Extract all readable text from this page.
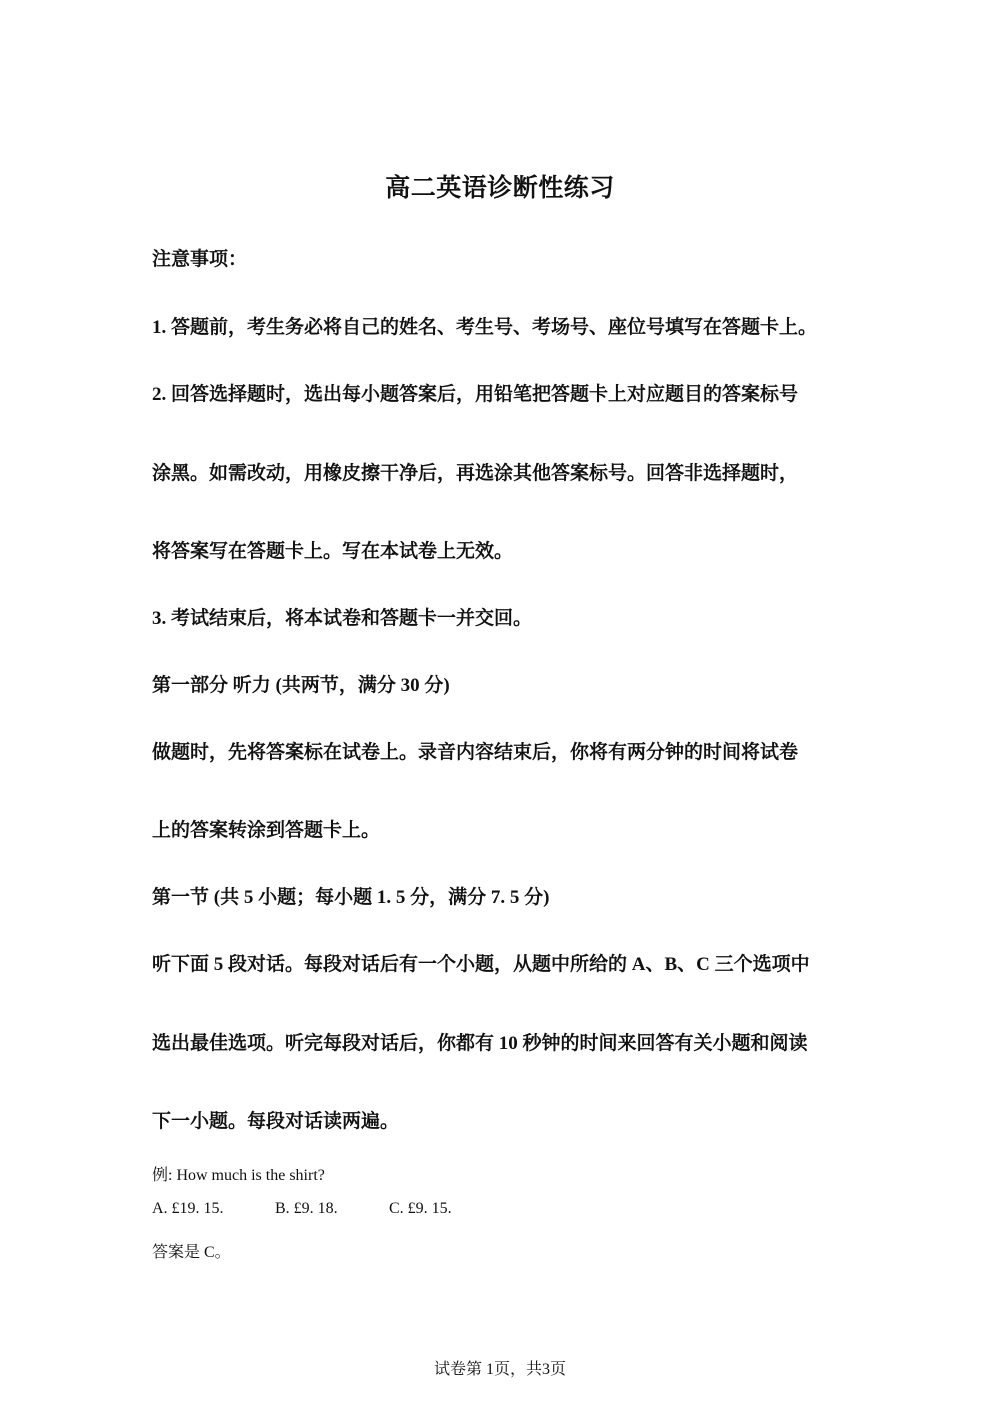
高二英语诊断性练习
注意事项：
1. 答题前，考生务必将自己的姓名、考生号、考场号、座位号填写在答题卡上。
2. 回答选择题时，选出每小题答案后，用铅笔把答题卡上对应题目的答案标号
涂黑。如需改动，用橡皮擦干净后，再选涂其他答案标号。回答非选择题时，
将答案写在答题卡上。写在本试卷上无效。
3. 考试结束后，将本试卷和答题卡一并交回。
第一部分 听力 (共两节，满分 30 分)
做题时，先将答案标在试卷上。录音内容结束后，你将有两分钟的时间将试卷
上的答案转涂到答题卡上。
第一节 (共 5 小题；每小题 1. 5 分，满分 7. 5 分)
听下面 5 段对话。每段对话后有一个小题，从题中所给的 A、B、C 三个选项中
选出最佳选项。听完每段对话后，你都有 10 秒钟的时间来回答有关小题和阅读
下一小题。每段对话读两遍。
例: How much is the shirt?
A. £19. 15.	B. £9. 18.	C. £9. 15.
答案是 C。
试卷第 1页，共3页
